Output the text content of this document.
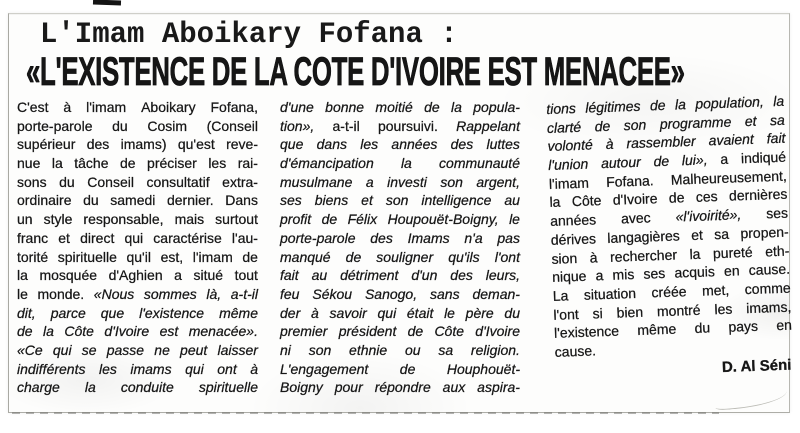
L'Imam Aboikary Fofana :
«L'EXISTENCE DE LA COTE D'IVOIRE EST MENACEE»
C'est à l'imam Aboikary Fofana,
porte-parole du Cosim (Conseil
supérieur des imams) qu'est reve-
nue la tâche de préciser les rai-
sons du Conseil consultatif extra-
ordinaire du samedi dernier. Dans
un style responsable, mais surtout
franc et direct qui caractérise l'au-
torité spirituelle qu'il est, l'imam de
la mosquée d'Aghien a situé tout
le monde. «Nous sommes là, a-t-il
dit, parce que l'existence même
de la Côte d'Ivoire est menacée».
«Ce qui se passe ne peut laisser
indifférents les imams qui ont à
charge la conduite spirituelle
d'une bonne moitié de la popula-
tion», a-t-il poursuivi. Rappelant
que dans les années des luttes
d'émancipation la communauté
musulmane a investi son argent,
ses biens et son intelligence au
profit de Félix Houpouët-Boigny, le
porte-parole des Imams n'a pas
manqué de souligner qu'ils l'ont
fait au détriment d'un des leurs,
feu Sékou Sanogo, sans deman-
der à savoir qui était le père du
premier président de Côte d'Ivoire
ni son ethnie ou sa religion.
L'engagement de Houphouët-
Boigny pour répondre aux aspira-
tions légitimes de la population, la
clarté de son programme et sa
volonté à rassembler avaient fait
l'union autour de lui», a indiqué
l'imam Fofana. Malheureusement,
la Côte d'Ivoire de ces dernières
années avec «l'ivoirité», ses
dérives langagières et sa propen-
sion à rechercher la pureté eth-
nique a mis ses acquis en cause.
La situation créée met, comme
l'ont si bien montré les imams,
l'existence même du pays en
cause.
D. Al Séni
